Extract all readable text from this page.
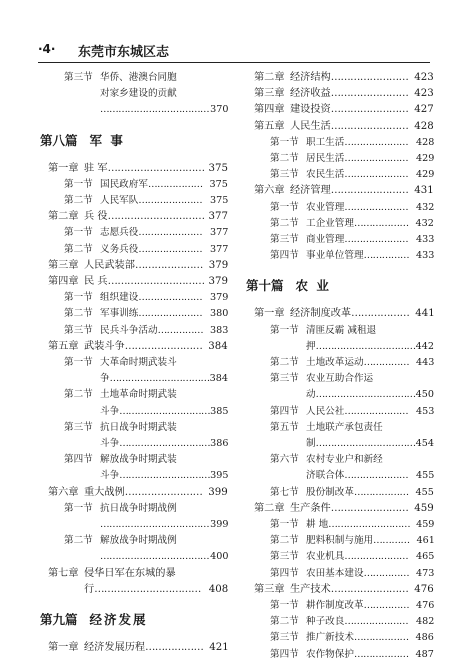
·4· 东莞市东城区志
第三节 华侨、港澳台同胞
对家乡建设的贡献
………………………………370
第八篇 军 事
第一章 驻 军………………………… 375
第一节 国民政府军……………… 375
第二节 人民军队………………… 375
第二章 兵 役………………………… 377
第一节 志愿兵役………………… 377
第二节 义务兵役………………… 377
第三章 人民武装部………………… 379
第四章 民 兵………………………… 379
第一节 组织建设………………… 379
第二节 军事训练………………… 380
第三节 民兵斗争活动…………… 383
第五章 武装斗争…………………… 384
第一节 大革命时期武装斗
争……………………………384
第二节 土地革命时期武装
斗争…………………………385
第三节 抗日战争时期武装
斗争…………………………386
第四节 解放战争时期武装
斗争…………………………395
第六章 重大战例…………………… 399
第一节 抗日战争时期战例
………………………………399
第二节 解放战争时期战例
………………………………400
第七章 侵华日军在东城的暴
行…………………………… 408
第九篇 经济发展
第一章 经济发展历程……………… 421
第二章 经济结构…………………… 423
第三章 经济收益…………………… 423
第四章 建设投资…………………… 427
第五章 人民生活…………………… 428
第一节 职工生活………………… 428
第二节 居民生活………………… 429
第三节 农民生活………………… 429
第六章 经济管理…………………… 431
第一节 农业管理………………… 432
第二节 工企业管理……………… 432
第三节 商业管理………………… 433
第四节 事业单位管理…………… 433
第十篇 农 业
第一章 经济制度改革……………… 441
第一节 清匪反霸 减租退
押……………………………442
第二节 土地改革运动…………… 443
第三节 农业互助合作运
动……………………………450
第四节 人民公社………………… 453
第五节 土地联产承包责任
制……………………………454
第六节 农村专业户和新经
济联合体………………… 455
第七节 股份制改革……………… 455
第二章 生产条件…………………… 459
第一节 耕 地……………………… 459
第二节 肥料积制与施用………… 461
第三节 农业机具………………… 465
第四节 农田基本建设…………… 473
第三章 生产技术…………………… 476
第一节 耕作制度改革…………… 476
第二节 种子改良………………… 482
第三节 推广新技术……………… 486
第四节 农作物保护……………… 487
